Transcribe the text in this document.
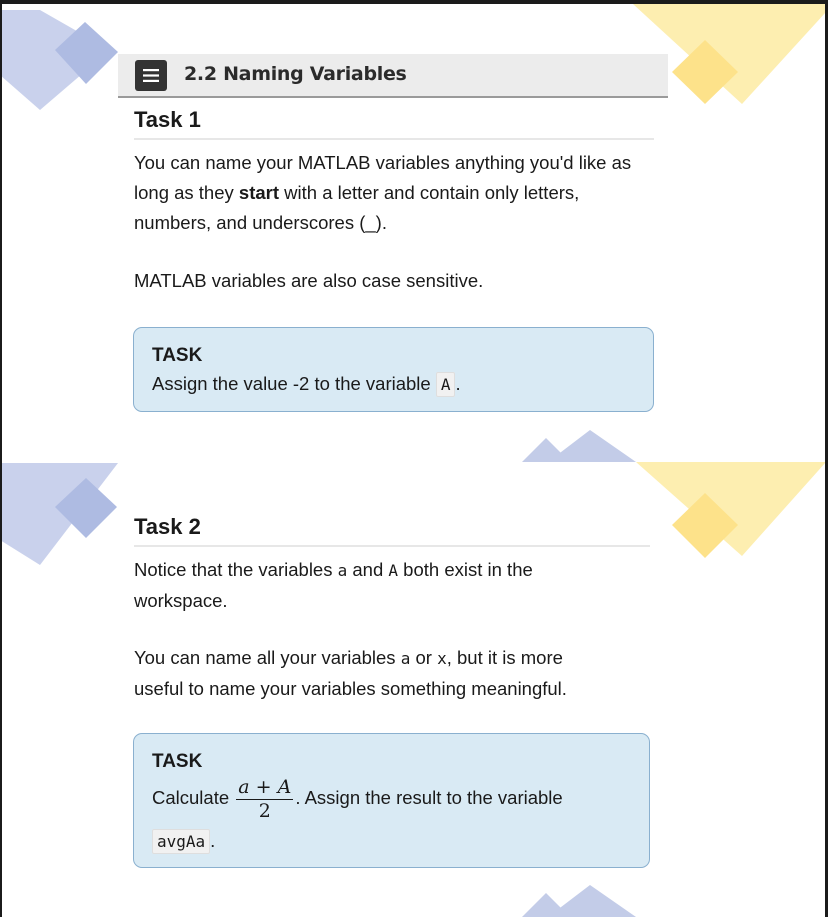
2.2 Naming Variables
Task 1
You can name your MATLAB variables anything you'd like as long as they start with a letter and contain only letters, numbers, and underscores (_).
MATLAB variables are also case sensitive.
TASK
Assign the value -2 to the variable A .
Task 2
Notice that the variables a and A both exist in the workspace.
You can name all your variables a or x, but it is more useful to name your variables something meaningful.
TASK
Calculate $\frac{a + A}{2}$ . Assign the result to the variable
avgAa .
